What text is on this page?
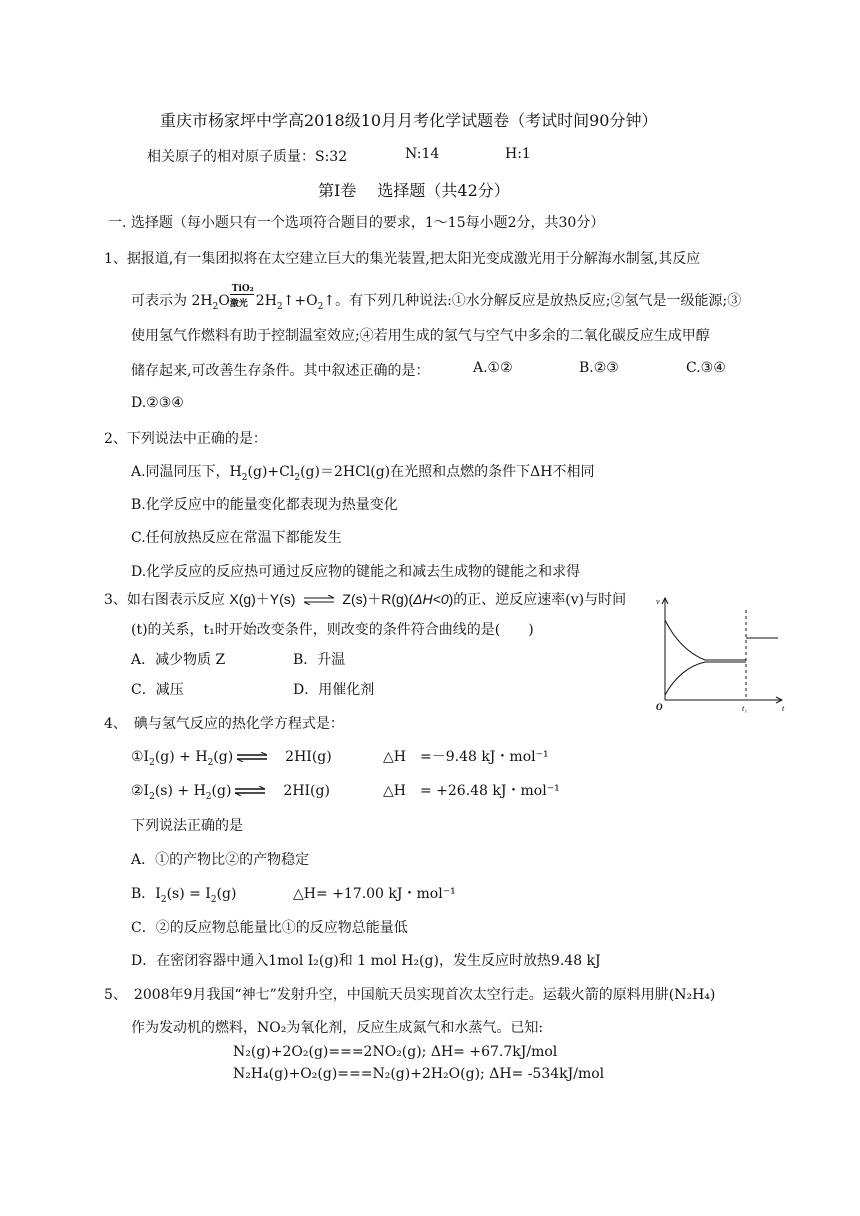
重庆市杨家坪中学高2018级10月月考化学试题卷（考试时间90分钟）
相关原子的相对原子质量：S:32	N:14	H:1
第Ⅰ卷　 选择题（共42分）
一. 选择题（每小题只有一个选项符合题目的要求，1～15每小题2分，共30分）
1、据报道,有一集团拟将在太空建立巨大的集光装置,把太阳光变成激光用于分解海水制氢,其反应
可表示为 $2H_2O$
TiO₂
激光 $2H_2↑+O_2↑$。有下列几种说法:①水分解反应是放热反应;②氢气是一级能源;③
使用氢气作燃料有助于控制温室效应;④若用生成的氢气与空气中多余的二氧化碳反应生成甲醇
储存起来,可改善生存条件。其中叙述正确的是：	A.①②	B.②③	C.③④
D.②③④
2、下列说法中正确的是：
A.同温同压下，$H_2(g)+Cl_2(g)=2HCl(g)$在光照和点燃的条件下ΔH不相同
B.化学反应中的能量变化都表现为热量变化
C.任何放热反应在常温下都能发生
D.化学反应的反应热可通过反应物的键能之和减去生成物的键能之和求得
3、如右图表示反应 X(g)＋Y(s) ⇌ Z(s)＋R(g)(ΔH<0)的正、逆反应速率(v)与时间
(t)的关系，t₁时开始改变条件，则改变的条件符合曲线的是(　　)
A．减少物质 Z	B．升温
C．减压	D．用催化剂
v
O	t₁	t
4、　碘与氢气反应的热化学方程式是：
$①I_2(g) + H_2(g)$ ⇌ 　2HI(g)	△H　=－9.48 kJ・mol⁻¹
$②I_2(s) + H_2(g)$ ⇌ 　2HI(g)	△H　= +26.48 kJ・mol⁻¹
下列说法正确的是
A．①的产物比②的产物稳定
B．$I_2(s) = I_2(g)$	△H= +17.00 kJ・mol⁻¹
C．②的反应物总能量比①的反应物总能量低
D．在密闭容器中通入1mol I₂(g)和 1 mol H₂(g)，发生反应时放热9.48 kJ
5、　2008年9月我国“神七”发射升空，中国航天员实现首次太空行走。运载火箭的原料用肼(N₂H₄)
作为发动机的燃料，NO₂为氧化剂，反应生成氮气和水蒸气。已知:
N₂(g)+2O₂(g)===2NO₂(g); ΔH= +67.7kJ/mol
N₂H₄(g)+O₂(g)===N₂(g)+2H₂O(g); ΔH= -534kJ/mol
